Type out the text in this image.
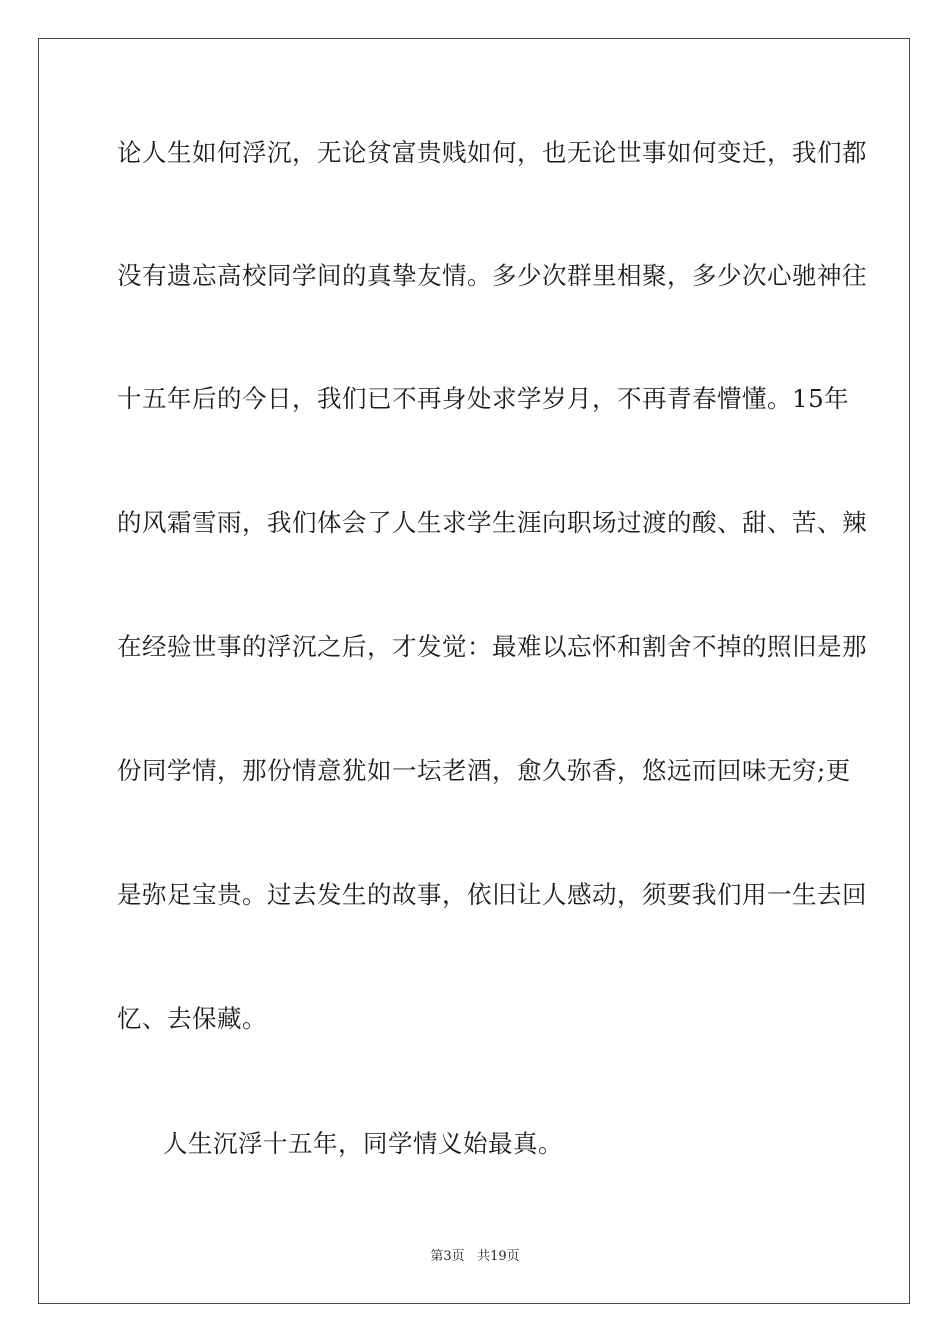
论人生如何浮沉，无论贫富贵贱如何，也无论世事如何变迁，我们都
没有遗忘高校同学间的真挚友情。多少次群里相聚，多少次心驰神往
十五年后的今日，我们已不再身处求学岁月，不再青春懵懂。15年
的风霜雪雨，我们体会了人生求学生涯向职场过渡的酸、甜、苦、辣
在经验世事的浮沉之后，才发觉：最难以忘怀和割舍不掉的照旧是那
份同学情，那份情意犹如一坛老酒，愈久弥香，悠远而回味无穷;更
是弥足宝贵。过去发生的故事，依旧让人感动，须要我们用一生去回
忆、去保藏。
人生沉浮十五年，同学情义始最真。
第3页 共19页
